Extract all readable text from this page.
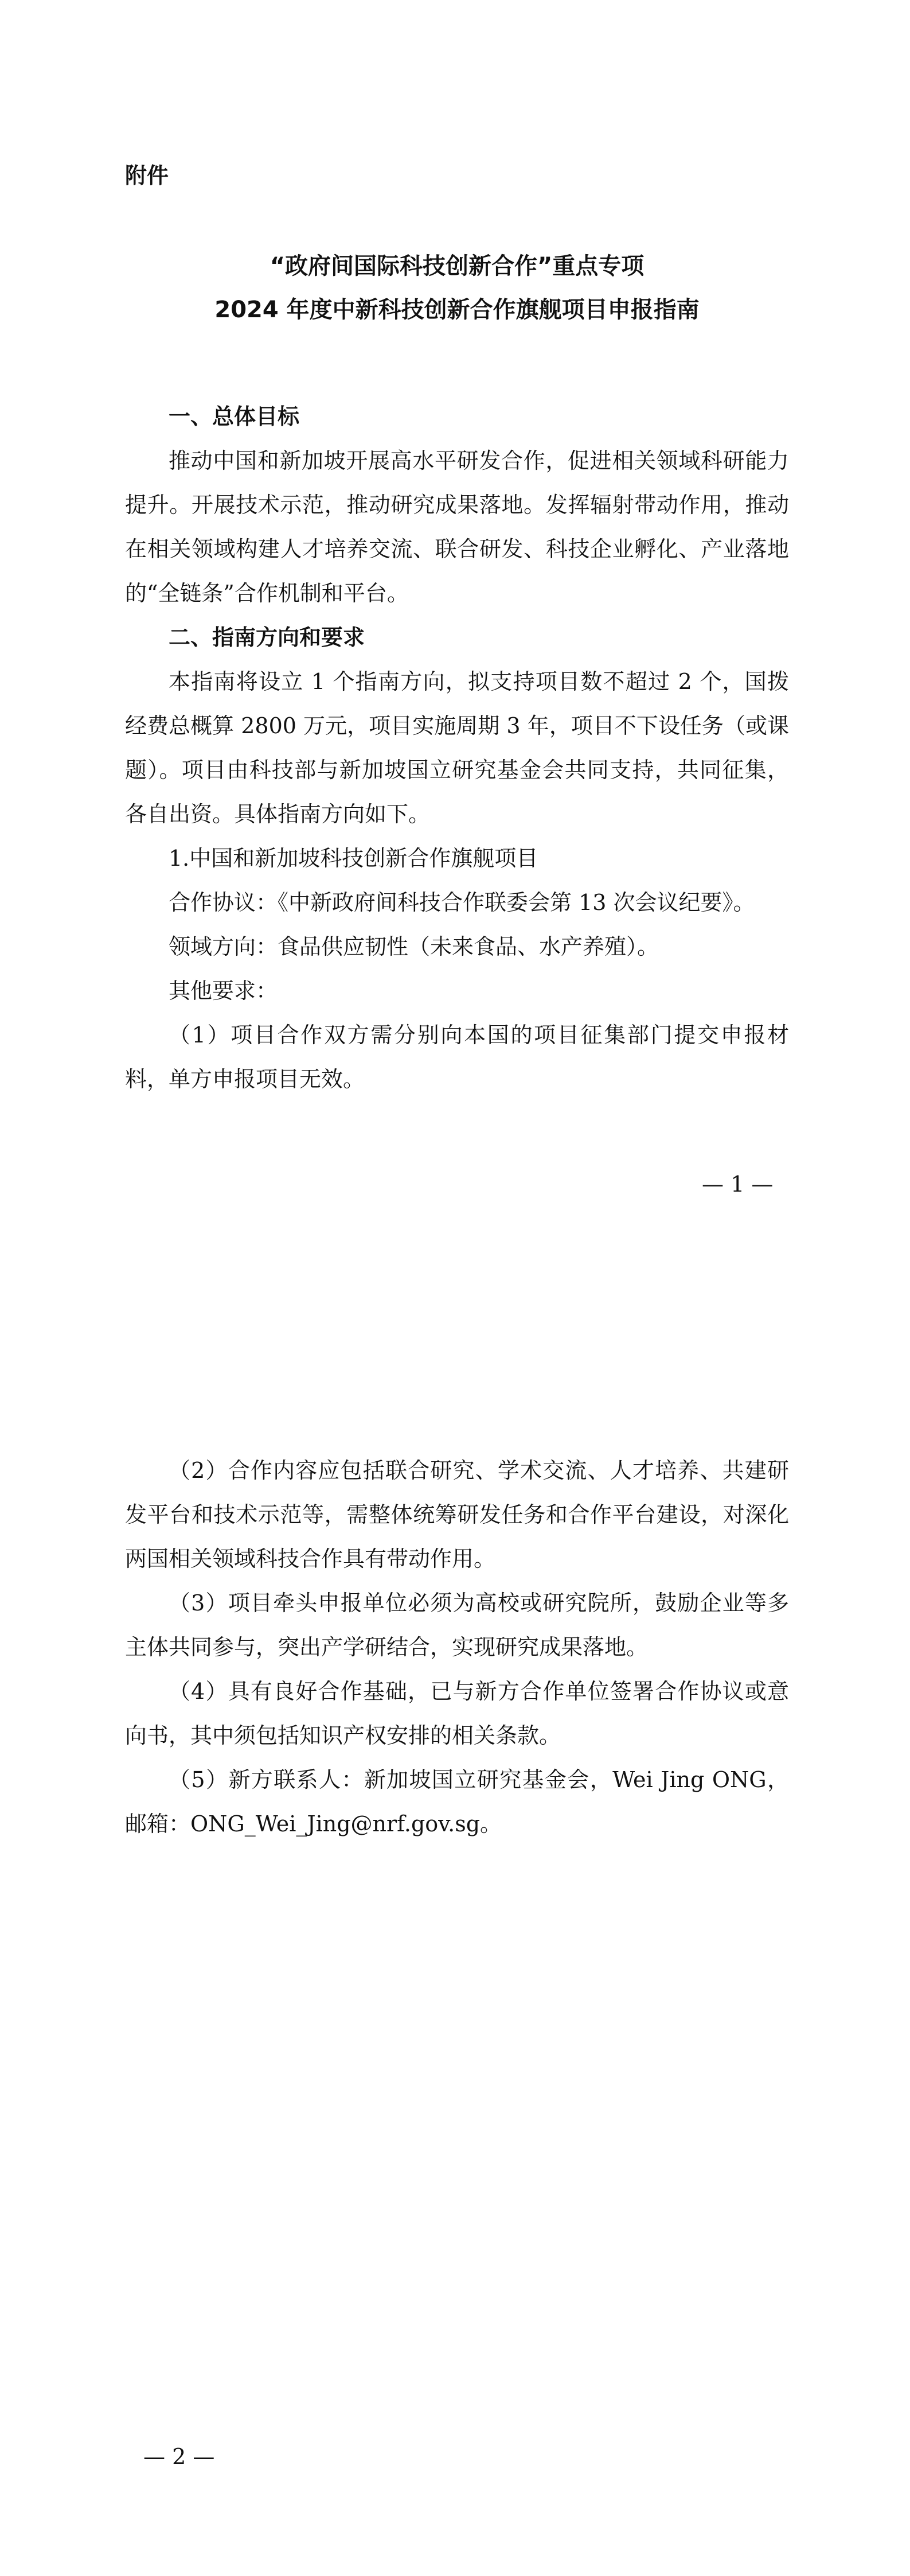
附件

“政府间国际科技创新合作”重点专项

2024 年度中新科技创新合作旗舰项目申报指南

一、总体目标

推动中国和新加坡开展高水平研发合作，促进相关领域科研能力提升。开展技术示范，推动研究成果落地。发挥辐射带动作用，推动在相关领域构建人才培养交流、联合研发、科技企业孵化、产业落地的“全链条”合作机制和平台。

二、指南方向和要求

本指南将设立 1 个指南方向，拟支持项目数不超过 2 个，国拨经费总概算 2800 万元，项目实施周期 3 年，项目不下设任务（或课题）。项目由科技部与新加坡国立研究基金会共同支持，共同征集，各自出资。具体指南方向如下。

1.中国和新加坡科技创新合作旗舰项目

合作协议：《中新政府间科技合作联委会第 13 次会议纪要》。

领域方向：食品供应韧性（未来食品、水产养殖）。

其他要求：

（1）项目合作双方需分别向本国的项目征集部门提交申报材料，单方申报项目无效。

— 1 —

（2）合作内容应包括联合研究、学术交流、人才培养、共建研发平台和技术示范等，需整体统筹研发任务和合作平台建设，对深化两国相关领域科技合作具有带动作用。

（3）项目牵头申报单位必须为高校或研究院所，鼓励企业等多主体共同参与，突出产学研结合，实现研究成果落地。

（4）具有良好合作基础，已与新方合作单位签署合作协议或意向书，其中须包括知识产权安排的相关条款。

（5）新方联系人：新加坡国立研究基金会，Wei Jing ONG，邮箱：ONG_Wei_Jing@nrf.gov.sg。

— 2 —
